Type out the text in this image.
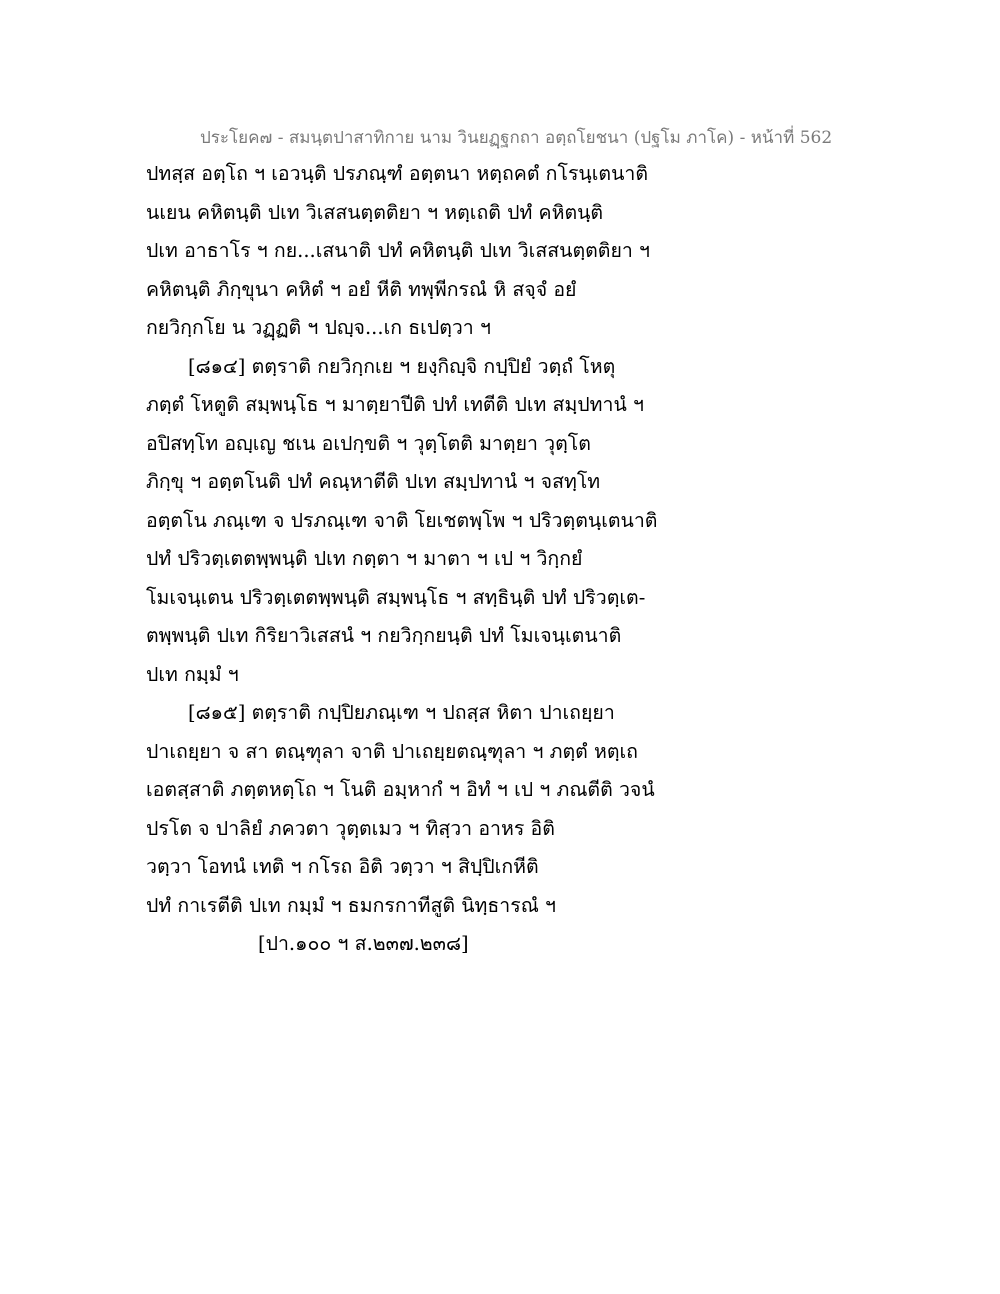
ประโยค๗ - สมนฺตปาสาทิกาย นาม วินยฏฺฐกถา อตฺถโยชนา (ปฐโม ภาโค) - หน้าที่ 562
ปทสฺส อตฺโถ ฯ เอวนฺติ ปรภณฺฑํ อตฺตนา หตฺถคตํ กโรนฺเตนาติ
นเยน คหิตนฺติ ปเท วิเสสนตฺตติยา ฯ หตฺเถติ ปทํ คหิตนฺติ
ปเท อาธาโร ฯ กย...เสนาติ ปทํ คหิตนฺติ ปเท วิเสสนตฺตติยา ฯ
คหิตนฺติ ภิกฺขุนา คหิตํ ฯ อยํ หีติ ทพฺพีกรณํ หิ สจฺจํ อยํ
กยวิกฺกโย น วฏฺฏติ ฯ ปญฺจ...เก ธเปตฺวา ฯ
[๘๑๔] ตตฺราติ กยวิกฺกเย ฯ ยงฺกิญฺจิ กปฺปิยํ วตฺถํ โหตุ
ภตฺตํ โหตูติ สมฺพนฺโธ ฯ มาตฺยาปีติ ปทํ เทตีติ ปเท สมฺปทานํ ฯ
อปิสทฺโท อญฺเญ ชเน อเปกฺขติ ฯ วุตฺโตติ มาตฺยา วุตฺโต
ภิกฺขุ ฯ อตฺตโนติ ปทํ คณฺหาตีติ ปเท สมฺปทานํ ฯ จสทฺโท
อตฺตโน ภณฺเฑ จ ปรภณฺเฑ จาติ โยเชตพฺโพ ฯ ปริวตฺตนฺเตนาติ
ปทํ ปริวตฺเตตพฺพนฺติ ปเท กตฺตา ฯ มาตา ฯ เป ฯ วิกฺกยํ
โมเจนฺเตน ปริวตฺเตตพฺพนฺติ สมฺพนฺโธ ฯ สทฺธินฺติ ปทํ ปริวตฺเต-
ตพฺพนฺติ ปเท กิริยาวิเสสนํ ฯ กยวิกฺกยนฺติ ปทํ โมเจนฺเตนาติ
ปเท กมฺมํ ฯ
[๘๑๕] ตตฺราติ กปฺปิยภณฺเฑ ฯ ปถสฺส หิตา ปาเถยฺยา
ปาเถยฺยา จ สา ตณฺฑุลา จาติ ปาเถยฺยตณฺฑุลา ฯ ภตฺตํ หตฺเถ
เอตสฺสาติ ภตฺตหตฺโถ ฯ โนติ อมฺหากํ ฯ อิทํ ฯ เป ฯ ภณตีติ วจนํ
ปรโต จ ปาลิยํ ภควตา วุตฺตเมว ฯ ทิสฺวา อาหร อิติ
วตฺวา โอทนํ เทติ ฯ กโรถ อิติ วตฺวา ฯ สิปฺปิเกหีติ
ปทํ กาเรตีติ ปเท กมฺมํ ฯ ธมกรกาทีสูติ นิทฺธารณํ ฯ
[ปา.๑๐๐ ฯ ส.๒๓๗.๒๓๘]
